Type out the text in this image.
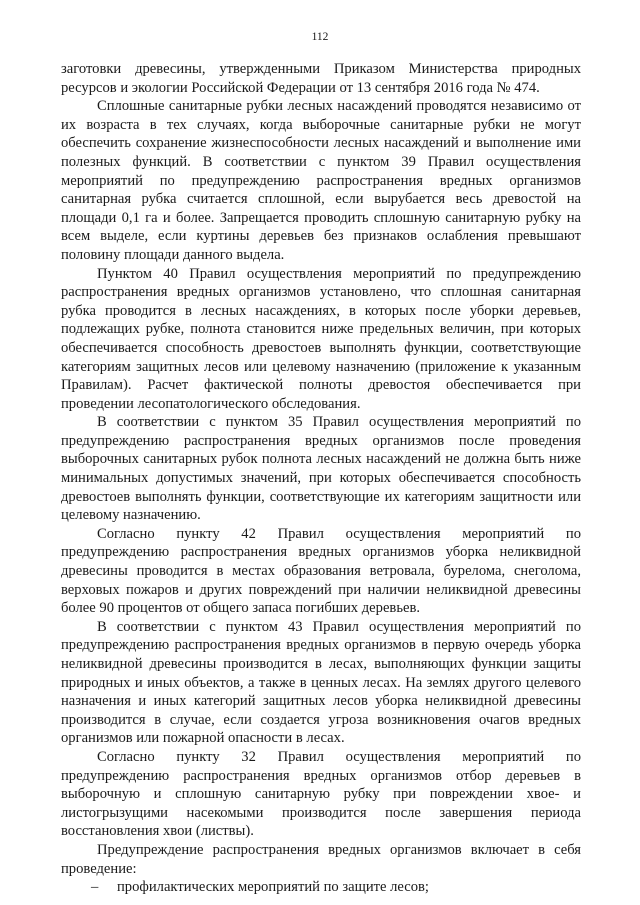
112

заготовки древесины, утвержденными Приказом Министерства природных ресурсов и экологии Российской Федерации от 13 сентября 2016 года № 474.

Сплошные санитарные рубки лесных насаждений проводятся независимо от их возраста в тех случаях, когда выборочные санитарные рубки не могут обеспечить сохранение жизнеспособности лесных насаждений и выполнение ими полезных функций. В соответствии с пунктом 39 Правил осуществления мероприятий по предупреждению распространения вредных организмов санитарная рубка считается сплошной, если вырубается весь древостой на площади 0,1 га и более. Запрещается проводить сплошную санитарную рубку на всем выделе, если куртины деревьев без признаков ослабления превышают половину площади данного выдела.

Пунктом 40 Правил осуществления мероприятий по предупреждению распространения вредных организмов установлено, что сплошная санитарная рубка проводится в лесных насаждениях, в которых после уборки деревьев, подлежащих рубке, полнота становится ниже предельных величин, при которых обеспечивается способность древостоев выполнять функции, соответствующие категориям защитных лесов или целевому назначению (приложение к указанным Правилам). Расчет фактической полноты древостоя обеспечивается при проведении лесопатологического обследования.

В соответствии с пунктом 35 Правил осуществления мероприятий по предупреждению распространения вредных организмов после проведения выборочных санитарных рубок полнота лесных насаждений не должна быть ниже минимальных допустимых значений, при которых обеспечивается способность древостоев выполнять функции, соответствующие их категориям защитности или целевому назначению.

Согласно пункту 42 Правил осуществления мероприятий по предупреждению распространения вредных организмов уборка неликвидной древесины проводится в местах образования ветровала, бурелома, снеголома, верховых пожаров и других повреждений при наличии неликвидной древесины более 90 процентов от общего запаса погибших деревьев.

В соответствии с пунктом 43 Правил осуществления мероприятий по предупреждению распространения вредных организмов в первую очередь уборка неликвидной древесины производится в лесах, выполняющих функции защиты природных и иных объектов, а также в ценных лесах. На землях другого целевого назначения и иных категорий защитных лесов уборка неликвидной древесины производится в случае, если создается угроза возникновения очагов вредных организмов или пожарной опасности в лесах.

Согласно пункту 32 Правил осуществления мероприятий по предупреждению распространения вредных организмов отбор деревьев в выборочную и сплошную санитарную рубку при повреждении хвое- и листогрызущими насекомыми производится после завершения периода восстановления хвои (листвы).

Предупреждение распространения вредных организмов включает в себя проведение:

– профилактических мероприятий по защите лесов;
